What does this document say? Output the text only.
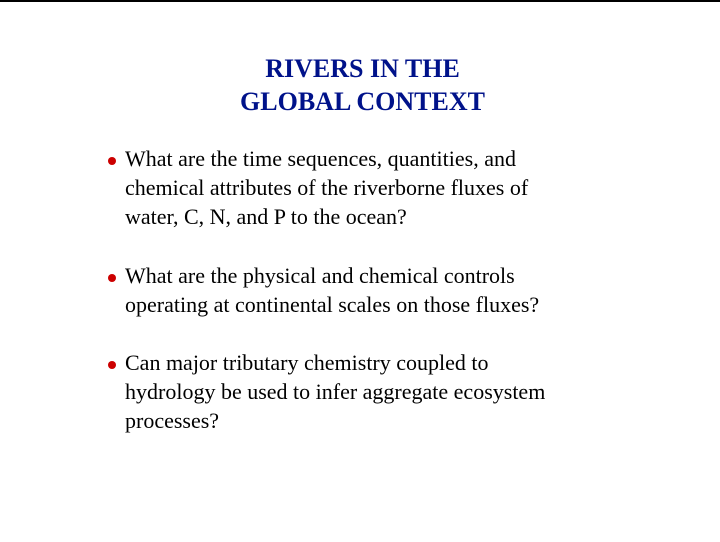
RIVERS IN THE
GLOBAL CONTEXT
What are the time sequences, quantities, and
chemical attributes of the riverborne fluxes of
water, C, N, and P to the ocean?
What are the physical and chemical controls
operating at continental scales on those fluxes?
Can major tributary chemistry coupled to
hydrology be used to infer aggregate ecosystem
processes?
